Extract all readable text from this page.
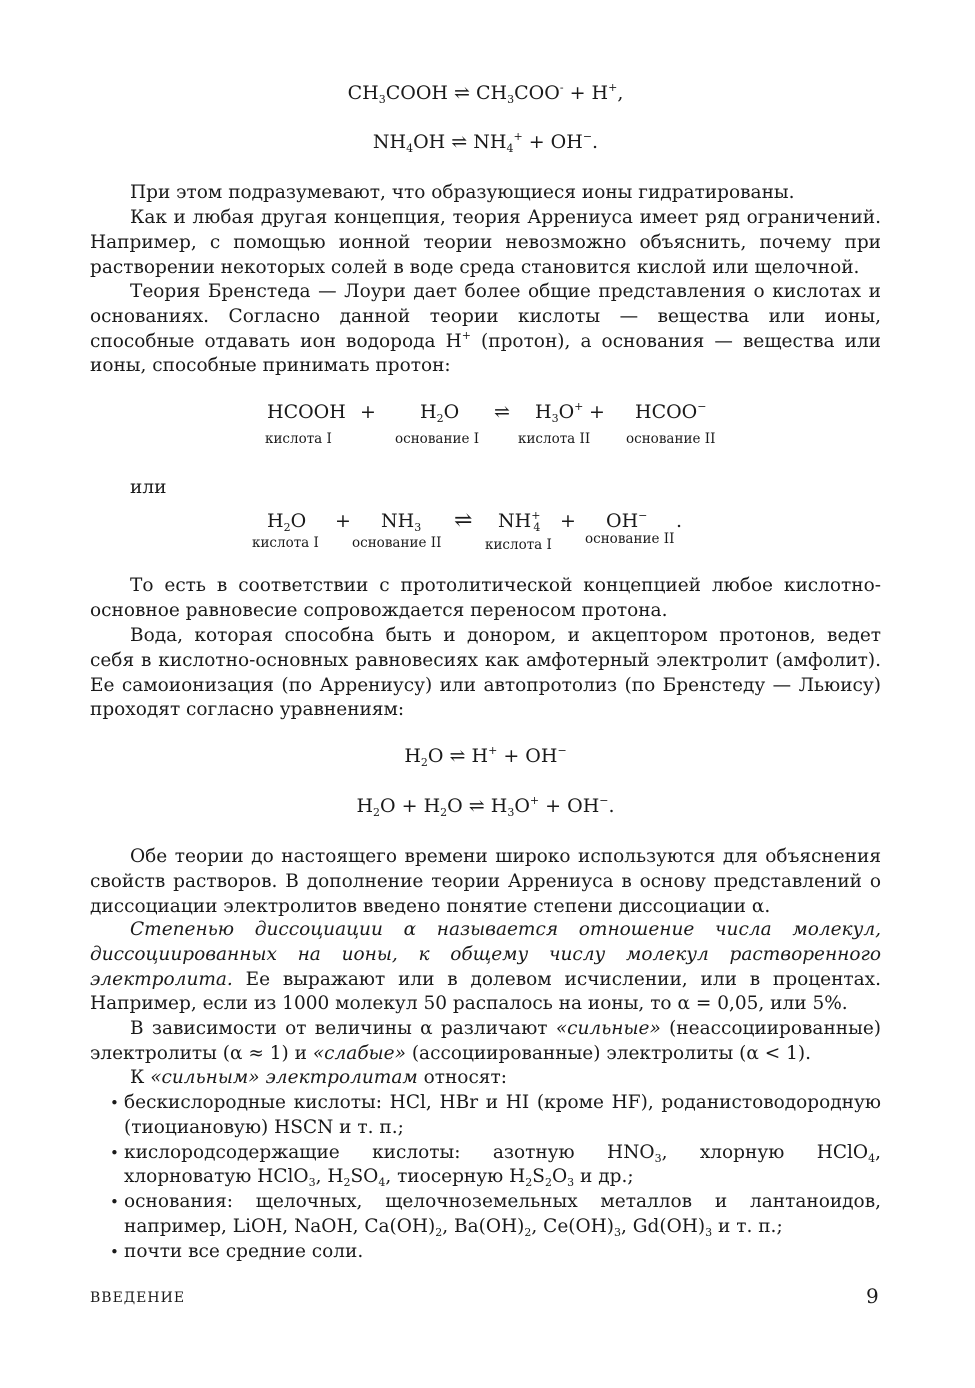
$CH_3COOH$ ⇌ $CH_3COO^- + H^+$,
$NH_4OH$ ⇌ $NH_4^+ + OH^-$.

При этом подразумевают, что образующиеся ионы гидратированы.

Как и любая другая концепция, теория Аррениуса имеет ряд ограничений. Например, с помощью ионной теории невозможно объяснить, почему при растворении некоторых солей в воде среда становится кислой или щелочной.

Теория Бренстеда — Лоури дает более общие представления о кислотах и основаниях. Согласно данной теории кислоты — вещества или ионы, способные отдавать ион водорода H+ (протон), а основания — вещества или ионы, способные принимать протон:

HCOOH + $H_2O$ ⇌ $H_3O^+$ + HCOO−
кислота I	основание I	кислота II	основание II

или

$H_2O + NH_3$ ⇌ $NH^+_4 + OH^-$ .
кислота I основание II	кислота I основание II

То есть в соответствии с протолитической концепцией любое кислотно-основное равновесие сопровождается переносом протона.

Вода, которая способна быть и донором, и акцептором протонов, ведет себя в кислотно-основных равновесиях как амфотерный электролит (амфолит). Ее самоионизация (по Аррениусу) или автопротолиз (по Бренстеду — Льюису) проходят согласно уравнениям:

$H_2O$ ⇌ H+ + OH−
$H_2O + H_2O$ ⇌ $H_3O^+ + OH^-$.

Обе теории до настоящего времени широко используются для объяснения свойств растворов. В дополнение теории Аррениуса в основу представлений о диссоциации электролитов введено понятие степени диссоциации α.

Степенью диссоциации α называется отношение числа молекул, диссоциированных на ионы, к общему числу молекул растворенного электролита. Ее выражают или в долевом исчислении, или в процентах. Например, если из 1000 молекул 50 распалось на ионы, то α = 0,05, или 5%.

В зависимости от величины α различают «сильные» (неассоциированные) электролиты (α ≈ 1) и «слабые» (ассоциированные) электролиты (α < 1).

К «сильным» электролитам относят:

• бескислородные кислоты: HCl, HBr и HI (кроме HF), роданистоводородную (тиоциановую) HSCN и т. п.;
• кислородсодержащие кислоты: азотную $HNO_3$, хлорную HClO$_4$, хлорноватую HClO$_3$, $H_2SO_4$, тиосерную $H_2S_2O_3$ и др.;
• основания: щелочных, щелочноземельных металлов и лантаноидов, например, LiOH, NaOH, $Ca(OH)_2$, $Ba(OH)_2$, $Ce(OH)_3$, $Gd(OH)_3$ и т. п.;
• почти все средние соли.
ВВЕДЕНИЕ	9
